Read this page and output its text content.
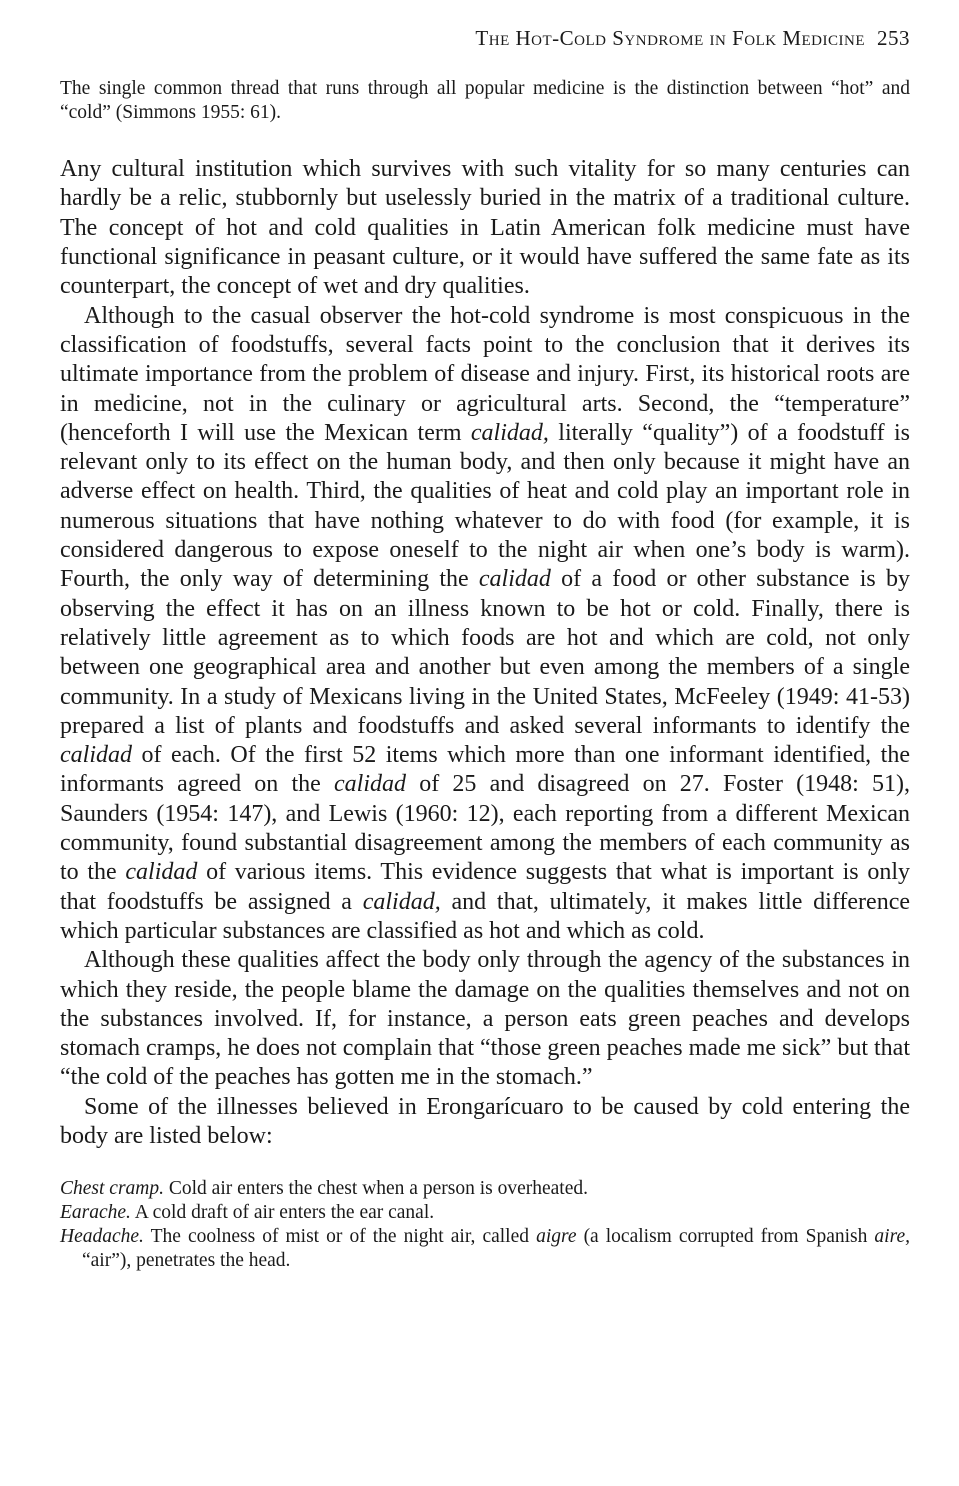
The Hot-Cold Syndrome in Folk Medicine 253

The single common thread that runs through all popular medicine is the distinction between “hot” and “cold” (Simmons 1955: 61).

Any cultural institution which survives with such vitality for so many centuries can hardly be a relic, stubbornly but uselessly buried in the matrix of a traditional culture. The concept of hot and cold qualities in Latin American folk medicine must have functional significance in peasant culture, or it would have suffered the same fate as its counterpart, the concept of wet and dry qualities.

Although to the casual observer the hot-cold syndrome is most conspicuous in the classification of foodstuffs, several facts point to the conclusion that it derives its ultimate importance from the problem of disease and injury. First, its historical roots are in medicine, not in the culinary or agricultural arts. Second, the “temperature” (henceforth I will use the Mexican term calidad, literally “quality”) of a foodstuff is relevant only to its effect on the human body, and then only because it might have an adverse effect on health. Third, the qualities of heat and cold play an important role in numerous situations that have nothing whatever to do with food (for example, it is considered dangerous to expose oneself to the night air when one’s body is warm). Fourth, the only way of determining the calidad of a food or other substance is by observing the effect it has on an illness known to be hot or cold. Finally, there is relatively little agreement as to which foods are hot and which are cold, not only between one geographical area and another but even among the members of a single community. In a study of Mexicans living in the United States, McFeeley (1949: 41-53) prepared a list of plants and foodstuffs and asked several informants to identify the calidad of each. Of the first 52 items which more than one informant identified, the informants agreed on the calidad of 25 and disagreed on 27. Foster (1948: 51), Saunders (1954: 147), and Lewis (1960: 12), each reporting from a different Mexican community, found substantial disagreement among the members of each community as to the calidad of various items. This evidence suggests that what is important is only that foodstuffs be assigned a calidad, and that, ultimately, it makes little difference which particular substances are classified as hot and which as cold.

Although these qualities affect the body only through the agency of the substances in which they reside, the people blame the damage on the qualities themselves and not on the substances involved. If, for instance, a person eats green peaches and develops stomach cramps, he does not complain that “those green peaches made me sick” but that “the cold of the peaches has gotten me in the stomach.”

Some of the illnesses believed in Erongarícuaro to be caused by cold entering the body are listed below:

Chest cramp. Cold air enters the chest when a person is overheated.

Earache. A cold draft of air enters the ear canal.

Headache. The coolness of mist or of the night air, called aigre (a localism corrupted from Spanish aire, “air”), penetrates the head.
